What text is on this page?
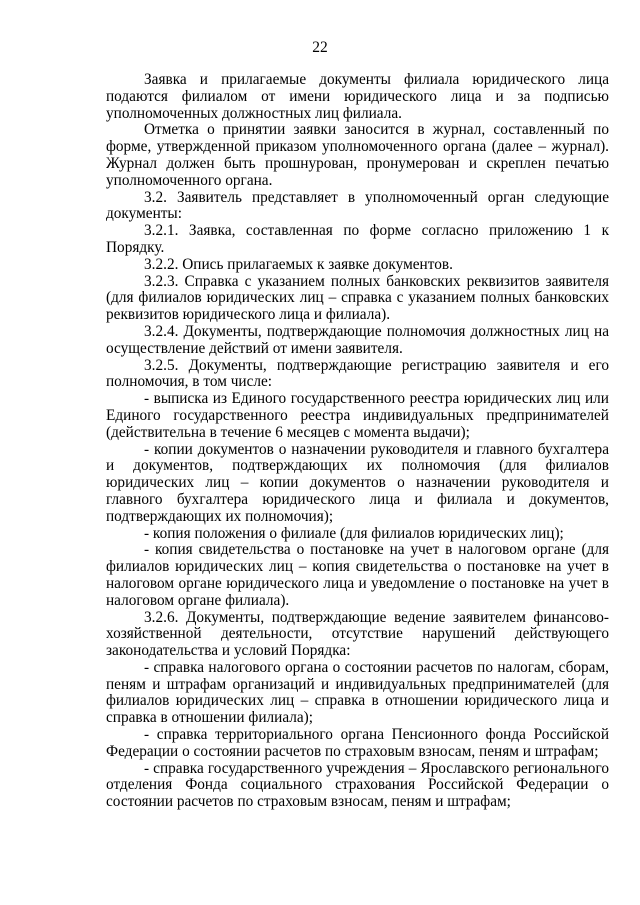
22

Заявка и прилагаемые документы филиала юридического лица подаются филиалом от имени юридического лица и за подписью уполномоченных должностных лиц филиала.

Отметка о принятии заявки заносится в журнал, составленный по форме, утвержденной приказом уполномоченного органа (далее – журнал). Журнал должен быть прошнурован, пронумерован и скреплен печатью уполномоченного органа.

3.2. Заявитель представляет в уполномоченный орган следующие документы:

3.2.1. Заявка, составленная по форме согласно приложению 1 к Порядку.

3.2.2. Опись прилагаемых к заявке документов.

3.2.3. Справка с указанием полных банковских реквизитов заявителя (для филиалов юридических лиц – справка с указанием полных банковских реквизитов юридического лица и филиала).

3.2.4. Документы, подтверждающие полномочия должностных лиц на осуществление действий от имени заявителя.

3.2.5. Документы, подтверждающие регистрацию заявителя и его полномочия, в том числе:

- выписка из Единого государственного реестра юридических лиц или Единого государственного реестра индивидуальных предпринимателей (действительна в течение 6 месяцев с момента выдачи);

- копии документов о назначении руководителя и главного бухгалтера и документов, подтверждающих их полномочия (для филиалов юридических лиц – копии документов о назначении руководителя и главного бухгалтера юридического лица и филиала и документов, подтверждающих их полномочия);

- копия положения о филиале (для филиалов юридических лиц);

- копия свидетельства о постановке на учет в налоговом органе (для филиалов юридических лиц – копия свидетельства о постановке на учет в налоговом органе юридического лица и уведомление о постановке на учет в налоговом органе филиала).

3.2.6. Документы, подтверждающие ведение заявителем финансово-хозяйственной деятельности, отсутствие нарушений действующего законодательства и условий Порядка:

- справка налогового органа о состоянии расчетов по налогам, сборам, пеням и штрафам организаций и индивидуальных предпринимателей (для филиалов юридических лиц – справка в отношении юридического лица и справка в отношении филиала);

- справка территориального органа Пенсионного фонда Российской Федерации о состоянии расчетов по страховым взносам, пеням и штрафам;

- справка государственного учреждения – Ярославского регионального отделения Фонда социального страхования Российской Федерации о состоянии расчетов по страховым взносам, пеням и штрафам;
